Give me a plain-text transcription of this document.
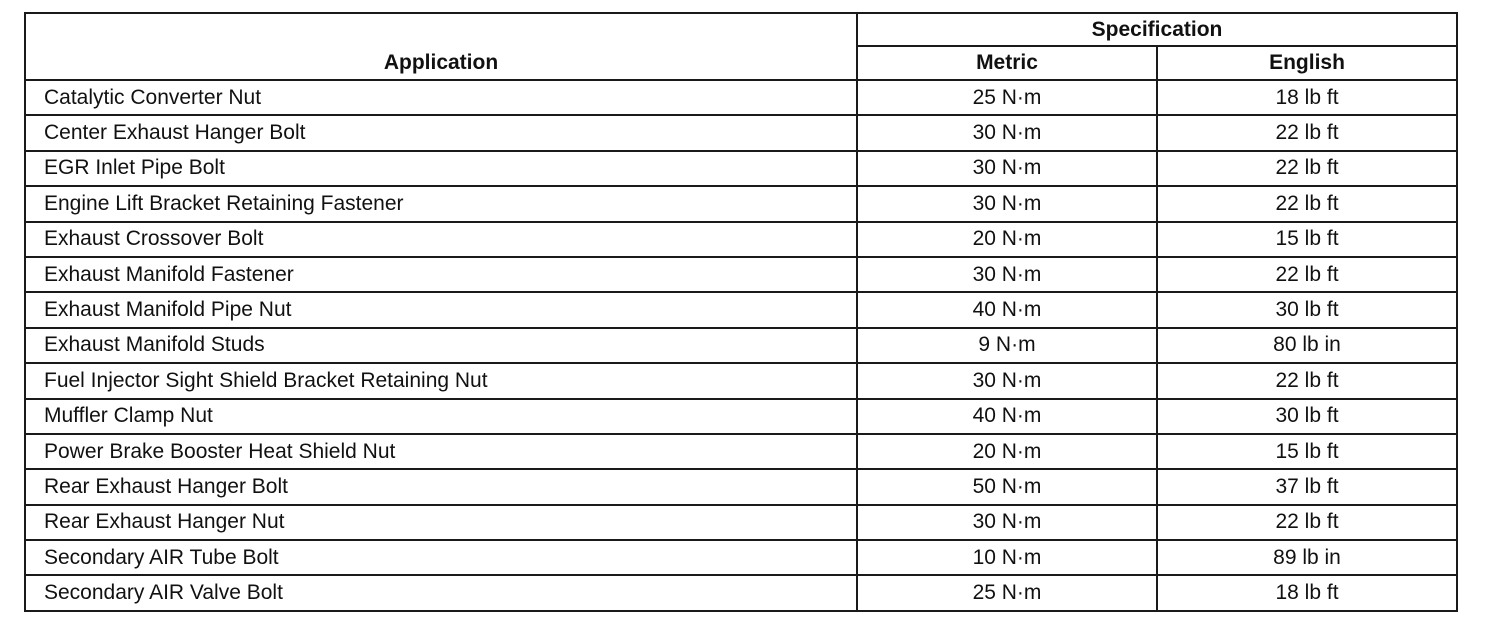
Application	Specification	
	Metric	English
Catalytic Converter Nut	25 N·m	18 lb ft
Center Exhaust Hanger Bolt	30 N·m	22 lb ft
EGR Inlet Pipe Bolt	30 N·m	22 lb ft
Engine Lift Bracket Retaining Fastener	30 N·m	22 lb ft
Exhaust Crossover Bolt	20 N·m	15 lb ft
Exhaust Manifold Fastener	30 N·m	22 lb ft
Exhaust Manifold Pipe Nut	40 N·m	30 lb ft
Exhaust Manifold Studs	9 N·m	80 lb in
Fuel Injector Sight Shield Bracket Retaining Nut	30 N·m	22 lb ft
Muffler Clamp Nut	40 N·m	30 lb ft
Power Brake Booster Heat Shield Nut	20 N·m	15 lb ft
Rear Exhaust Hanger Bolt	50 N·m	37 lb ft
Rear Exhaust Hanger Nut	30 N·m	22 lb ft
Secondary AIR Tube Bolt	10 N·m	89 lb in
Secondary AIR Valve Bolt	25 N·m	18 lb ft
